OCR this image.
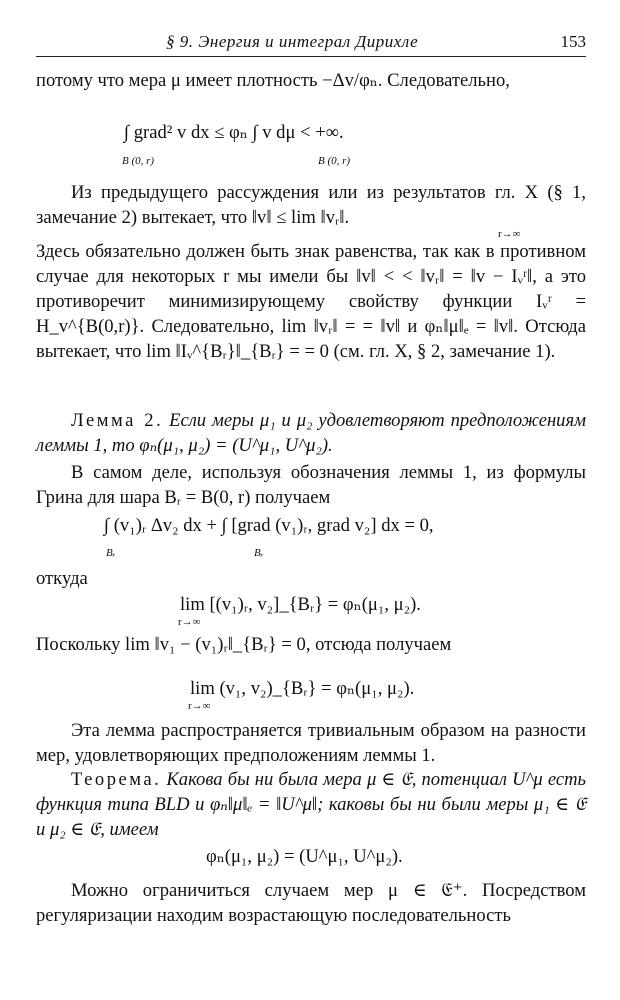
§ 9. Энергия и интеграл Дирихле	153
потому что мера μ имеет плотность −Δv/φₙ. Следовательно,
∫ grad² v dx ≤ φₙ ∫ v dμ < +∞.
B (0, r)	B (0, r)
Из предыдущего рассуждения или из результатов гл. X (§ 1, замечание 2) вытекает, что ‖v‖ ≤ lim ‖vᵣ‖.
r→∞
Здесь обязательно должен быть знак равенства, так как в противном случае для некоторых r мы имели бы ‖v‖ < < ‖vᵣ‖ = ‖v − Iᵥʳ‖, а это противоречит минимизирующему свойству функции Iᵥʳ = H_v^{B(0,r)}. Следовательно, lim ‖vᵣ‖ = = ‖v‖ и φₙ‖μ‖ₑ = ‖v‖. Отсюда вытекает, что lim ‖Iᵥ^{Bᵣ}‖_{Bᵣ} = = 0 (см. гл. X, § 2, замечание 1).
Лемма 2. Если меры μ₁ и μ₂ удовлетворяют предположениям леммы 1, то φₙ(μ₁, μ₂) = (U^μ₁, U^μ₂).
В самом деле, используя обозначения леммы 1, из формулы Грина для шара Bᵣ = B(0, r) получаем
∫ (v₁)ᵣ Δv₂ dx + ∫ [grad (v₁)ᵣ, grad v₂] dx = 0,
Bᵣ	Bᵣ
откуда
lim [(v₁)ᵣ, v₂]_{Bᵣ} = φₙ(μ₁, μ₂).
r→∞
Поскольку lim ‖v₁ − (v₁)ᵣ‖_{Bᵣ} = 0, отсюда получаем
lim (v₁, v₂)_{Bᵣ} = φₙ(μ₁, μ₂).
r→∞
Эта лемма распространяется тривиальным образом на разности мер, удовлетворяющих предположениям леммы 1.
Теорема. Какова бы ни была мера μ ∈ 𝔈, потенциал U^μ есть функция типа BLD и φₙ‖μ‖ₑ = ‖U^μ‖; каковы бы ни были меры μ₁ ∈ 𝔈 и μ₂ ∈ 𝔈, имеем
φₙ(μ₁, μ₂) = (U^μ₁, U^μ₂).
Можно ограничиться случаем мер μ ∈ 𝔈⁺. Посредством регуляризации находим возрастающую последовательность
